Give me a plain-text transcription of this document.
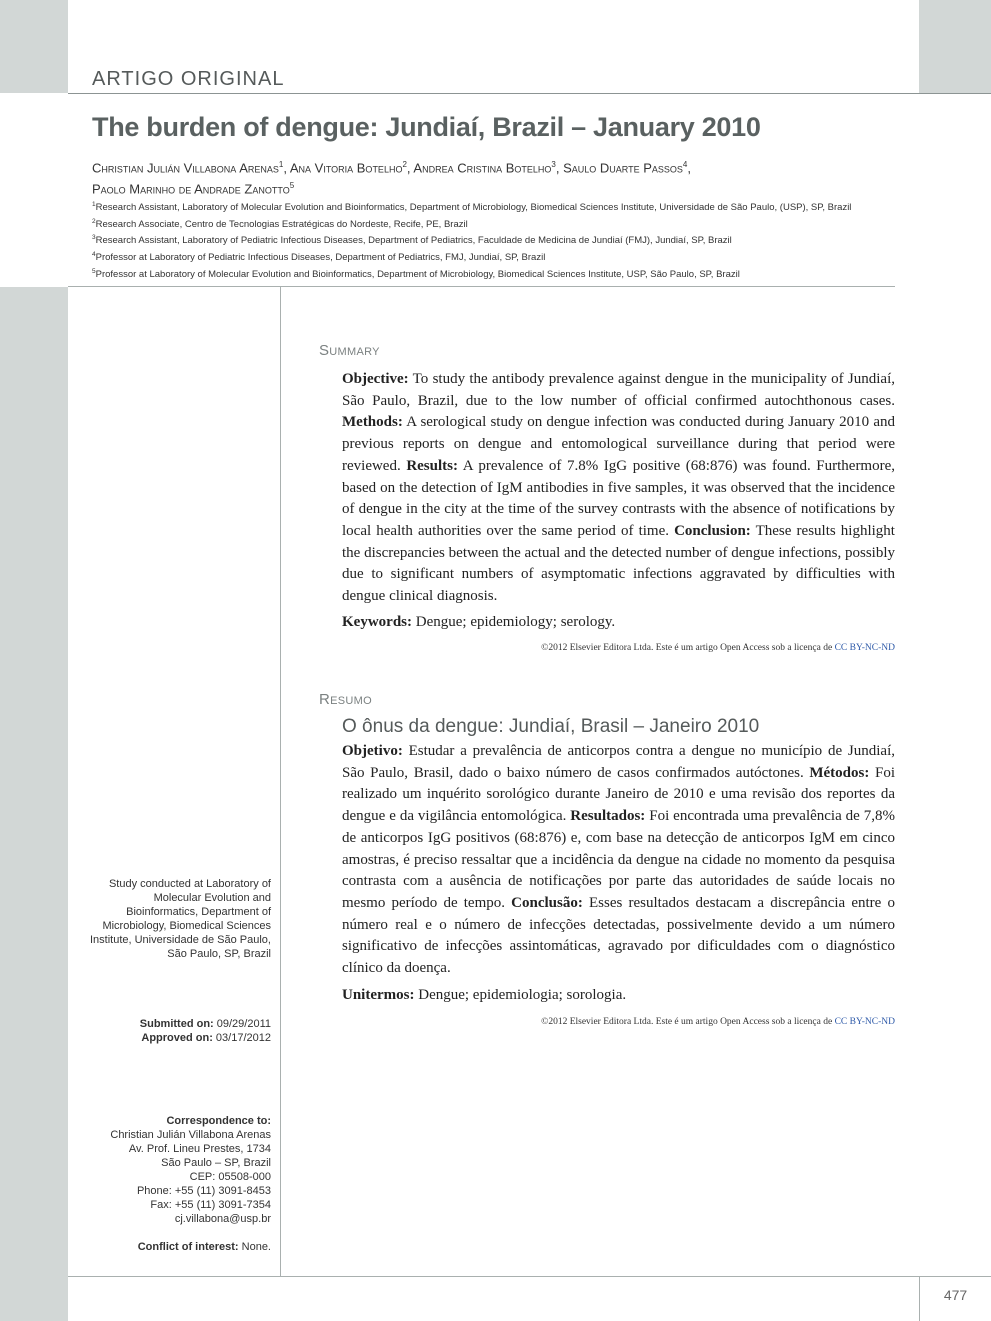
ARTIGO ORIGINAL
The burden of dengue: Jundiaí, Brazil – January 2010
Christian Julián Villabona Arenas$^1$, Ana Vitoria Botelho$^2$, Andrea Cristina Botelho$^3$, Saulo Duarte Passos$^4$,
Paolo Marinho de Andrade Zanotto$^5$
$^1$Research Assistant, Laboratory of Molecular Evolution and Bioinformatics, Department of Microbiology, Biomedical Sciences Institute, Universidade de São Paulo, (USP), SP, Brazil
$^2$Research Associate, Centro de Tecnologias Estratégicas do Nordeste, Recife, PE, Brazil
$^3$Research Assistant, Laboratory of Pediatric Infectious Diseases, Department of Pediatrics, Faculdade de Medicina de Jundiaí (FMJ), Jundiaí, SP, Brazil
$^4$Professor at Laboratory of Pediatric Infectious Diseases, Department of Pediatrics, FMJ, Jundiaí, SP, Brazil
$^5$Professor at Laboratory of Molecular Evolution and Bioinformatics, Department of Microbiology, Biomedical Sciences Institute, USP, São Paulo, SP, Brazil
Summary
Objective: To study the antibody prevalence against dengue in the municipality of Jundiaí, São Paulo, Brazil, due to the low number of official confirmed autochthonous cases. Methods: A serological study on dengue infection was conducted during January 2010 and previous reports on dengue and entomological surveillance during that period were reviewed. Results: A prevalence of 7.8% IgG positive (68:876) was found. Furthermore, based on the detection of IgM antibodies in five samples, it was observed that the incidence of dengue in the city at the time of the survey contrasts with the absence of notifications by local health authorities over the same period of time. Conclusion: These results highlight the discrepancies between the actual and the detected number of dengue infections, possibly due to significant numbers of asymptomatic infections aggravated by difficulties with dengue clinical diagnosis.
Keywords: Dengue; epidemiology; serology.
©2012 Elsevier Editora Ltda. Este é um artigo Open Access sob a licença de CC BY-NC-ND
Resumo
O ônus da dengue: Jundiaí, Brasil – Janeiro 2010
Objetivo: Estudar a prevalência de anticorpos contra a dengue no município de Jundiaí, São Paulo, Brasil, dado o baixo número de casos confirmados autóctones. Métodos: Foi realizado um inquérito sorológico durante Janeiro de 2010 e uma revisão dos reportes da dengue e da vigilância entomológica. Resultados: Foi encontrada uma prevalência de 7,8% de anticorpos IgG positivos (68:876) e, com base na detecção de anticorpos IgM em cinco amostras, é preciso ressaltar que a incidência da dengue na cidade no momento da pesquisa contrasta com a ausência de notificações por parte das autoridades de saúde locais no mesmo período de tempo. Conclusão: Esses resultados destacam a discrepância entre o número real e o número de infecções detectadas, possivelmente devido a um número significativo de infecções assintomáticas, agravado por dificuldades com o diagnóstico clínico da doença.
Unitermos: Dengue; epidemiologia; sorologia.
©2012 Elsevier Editora Ltda. Este é um artigo Open Access sob a licença de CC BY-NC-ND
Study conducted at Laboratory of Molecular Evolution and Bioinformatics, Department of Microbiology, Biomedical Sciences Institute, Universidade de São Paulo, São Paulo, SP, Brazil
Submitted on: 09/29/2011
Approved on: 03/17/2012
Correspondence to:
Christian Julián Villabona Arenas
Av. Prof. Lineu Prestes, 1734
São Paulo – SP, Brazil
CEP: 05508-000
Phone: +55 (11) 3091-8453
Fax: +55 (11) 3091-7354
cj.villabona@usp.br
Conflict of interest: None.
477
